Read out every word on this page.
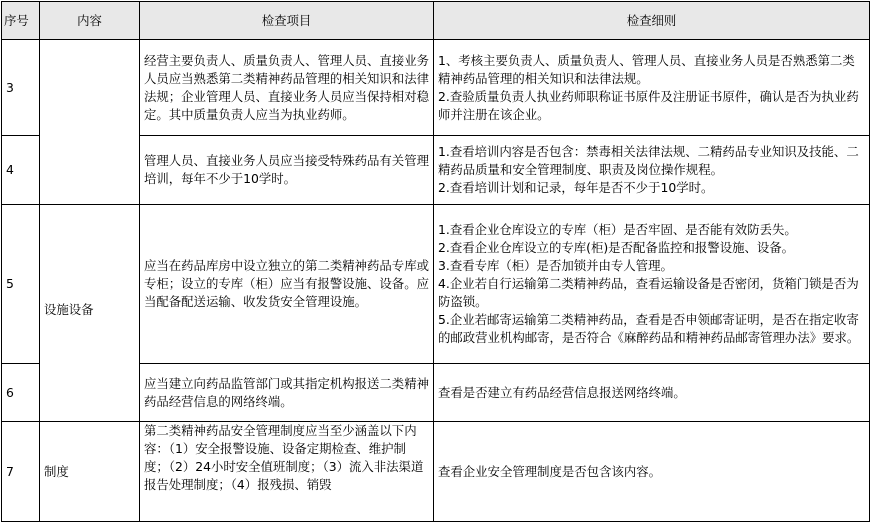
序号	内容	检查项目	检查细则
3		经营主要负责人、质量负责人、管理人员、直接业务人员应当熟悉第二类精神药品管理的相关知识和法律法规；企业管理人员、直接业务人员应当保持相对稳定。其中质量负责人应当为执业药师。	1、考核主要负责人、质量负责人、管理人员、直接业务人员是否熟悉第二类精神药品管理的相关知识和法律法规。
2.查验质量负责人执业药师职称证书原件及注册证书原件，确认是否为执业药师并注册在该企业。

4		管理人员、直接业务人员应当接受特殊药品有关管理培训，每年不少于10学时。	1.查看培训内容是否包含：禁毒相关法律法规、二精药品专业知识及技能、二精药品质量和安全管理制度、职责及岗位操作规程。
2.查看培训计划和记录，每年是否不少于10学时。

5	设施设备	应当在药品库房中设立独立的第二类精神药品专库或专柜；设立的专库（柜）应当有报警设施、设备。应当配备配送运输、收发货安全管理设施。	1.查看企业仓库设立的专库（柜）是否牢固、是否能有效防丢失。
2.查看企业仓库设立的专库(柜)是否配备监控和报警设施、设备。
3.查看专库（柜）是否加锁并由专人管理。
4.企业若自行运输第二类精神药品，查看运输设备是否密闭，货箱门锁是否为防盗锁。
5.企业若邮寄运输第二类精神药品，查看是否申领邮寄证明，是否在指定收寄的邮政营业机构邮寄，是否符合《麻醉药品和精神药品邮寄管理办法》要求。

6		应当建立向药品监管部门或其指定机构报送二类精神药品经营信息的网络终端。	查看是否建立有药品经营信息报送网络终端。

7	制度	第二类精神药品安全管理制度应当至少涵盖以下内容：（1）安全报警设施、设备定期检查、维护制度；（2）24小时安全值班制度；（3）流入非法渠道报告处理制度；（4）报残损、销毁	查看企业安全管理制度是否包含该内容。
